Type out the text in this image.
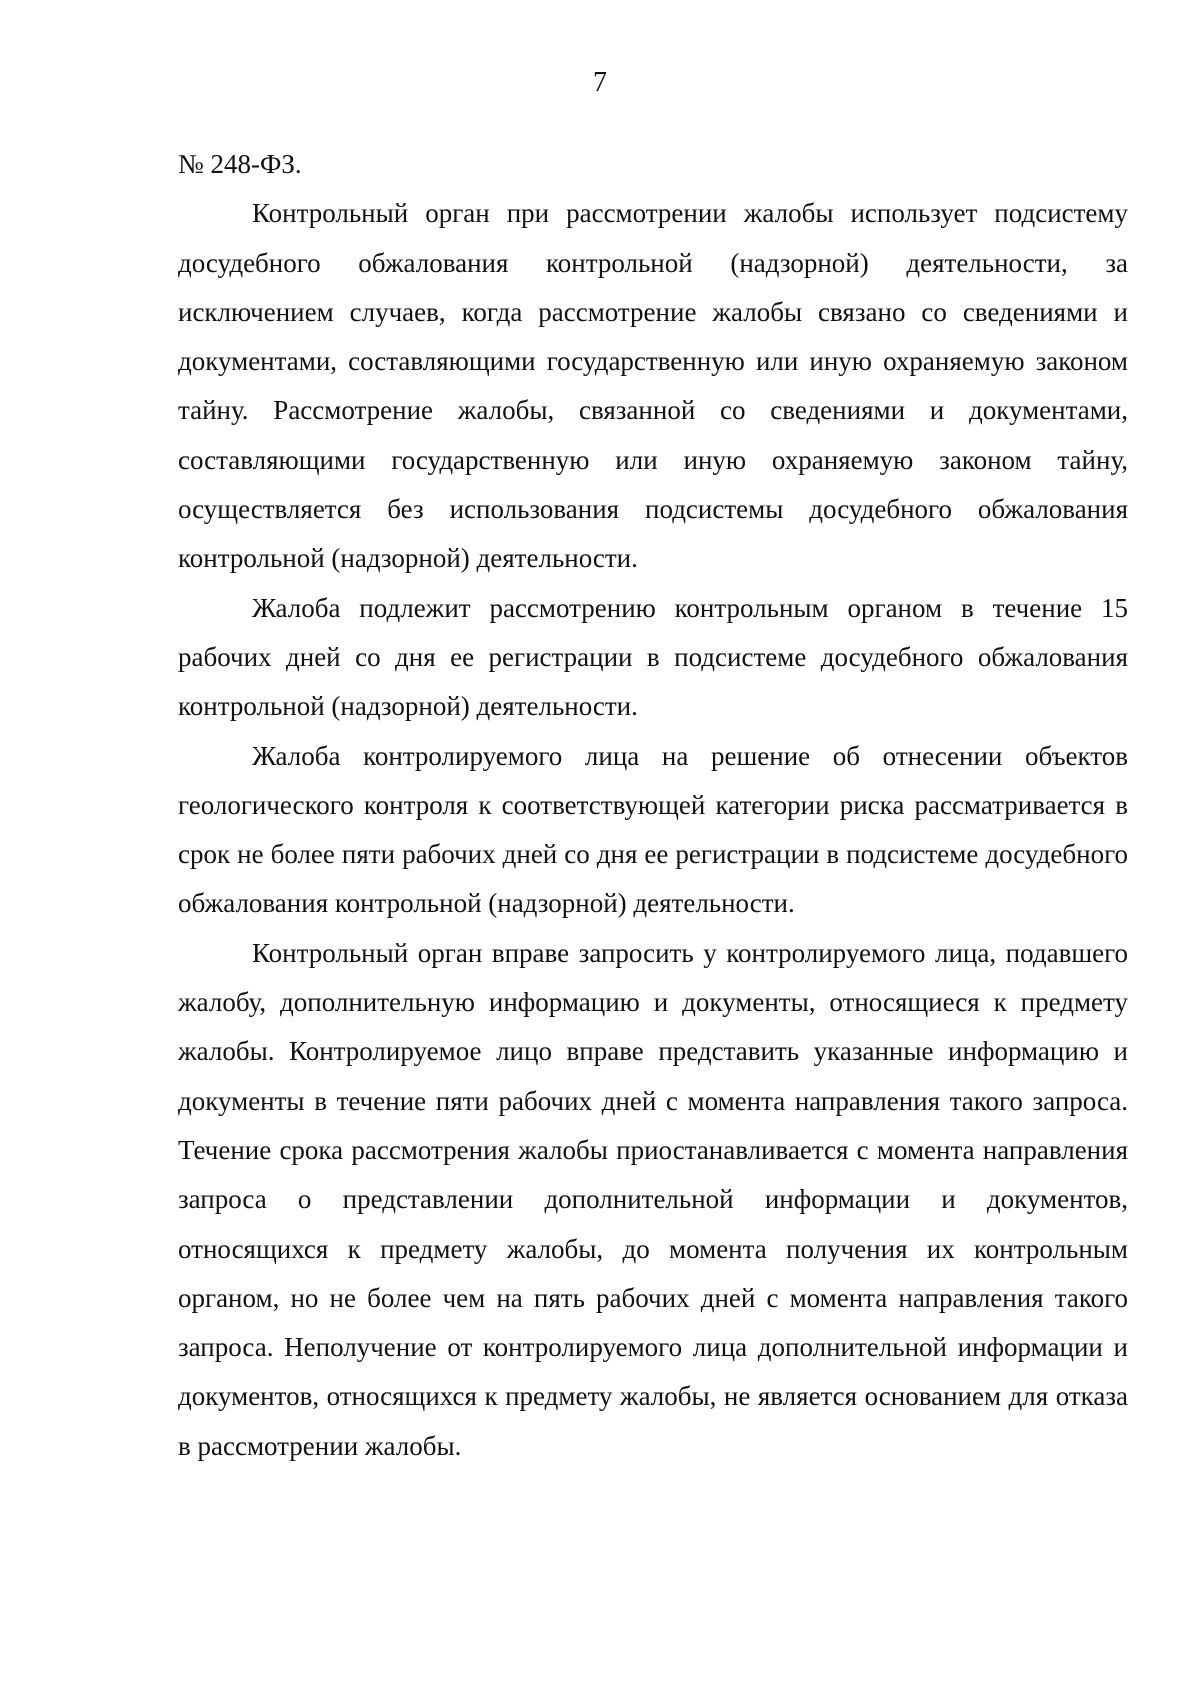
7

№ 248-ФЗ.

Контрольный орган при рассмотрении жалобы использует подсистему досудебного обжалования контрольной (надзорной) деятельности, за исключением случаев, когда рассмотрение жалобы связано со сведениями и документами, составляющими государственную или иную охраняемую законом тайну. Рассмотрение жалобы, связанной со сведениями и документами, составляющими государственную или иную охраняемую законом тайну, осуществляется без использования подсистемы досудебного обжалования контрольной (надзорной) деятельности.

Жалоба подлежит рассмотрению контрольным органом в течение 15 рабочих дней со дня ее регистрации в подсистеме досудебного обжалования контрольной (надзорной) деятельности.

Жалоба контролируемого лица на решение об отнесении объектов геологического контроля к соответствующей категории риска рассматривается в срок не более пяти рабочих дней со дня ее регистрации в подсистеме досудебного обжалования контрольной (надзорной) деятельности.

Контрольный орган вправе запросить у контролируемого лица, подавшего жалобу, дополнительную информацию и документы, относящиеся к предмету жалобы. Контролируемое лицо вправе представить указанные информацию и документы в течение пяти рабочих дней с момента направления такого запроса. Течение срока рассмотрения жалобы приостанавливается с момента направления запроса о представлении дополнительной информации и документов, относящихся к предмету жалобы, до момента получения их контрольным органом, но не более чем на пять рабочих дней с момента направления такого запроса. Неполучение от контролируемого лица дополнительной информации и документов, относящихся к предмету жалобы, не является основанием для отказа в рассмотрении жалобы.
